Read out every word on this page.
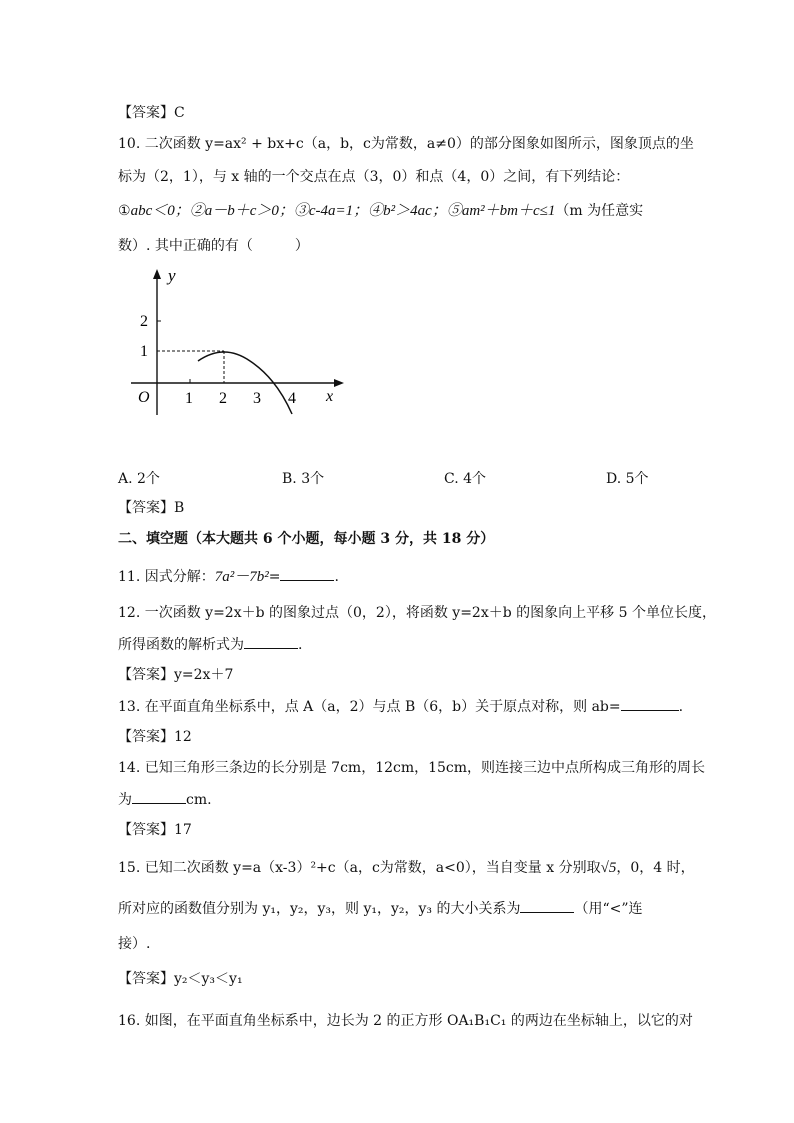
【答案】C
10. 二次函数 y=ax² + bx+c（a，b，c为常数，a≠0）的部分图象如图所示，图象顶点的坐
标为（2，1），与 x 轴的一个交点在点（3，0）和点（4，0）之间，有下列结论：
①abc＜0；②a－b＋c＞0；③c-4a=1；④b²＞4ac；⑤am²＋bm＋c≤1（m 为任意实
数）. 其中正确的有（　　　）
y
x
O
1
2
1 2 3 4
A. 2个	B. 3个	C. 4个	D. 5个
【答案】B
二、填空题（本大题共 6 个小题，每小题 3 分，共 18 分）
11. 因式分解：7a²－7b²=	.
12. 一次函数 y=2x＋b 的图象过点（0，2），将函数 y=2x＋b 的图象向上平移 5 个单位长度，
所得函数的解析式为	.
【答案】y=2x＋7
13. 在平面直角坐标系中，点 A（a，2）与点 B（6，b）关于原点对称，则 ab=	.
【答案】12
14. 已知三角形三条边的长分别是 7cm，12cm，15cm，则连接三边中点所构成三角形的周长
为	cm.
【答案】17
15. 已知二次函数 y=a（x-3）²+c（a，c为常数，a<0），当自变量 x 分别取√5，0，4 时，
所对应的函数值分别为 y₁，y₂，y₃，则 y₁，y₂，y₃ 的大小关系为	（用“<”连
接）.
【答案】y₂＜y₃＜y₁
16. 如图，在平面直角坐标系中，边长为 2 的正方形 OA₁B₁C₁ 的两边在坐标轴上，以它的对
